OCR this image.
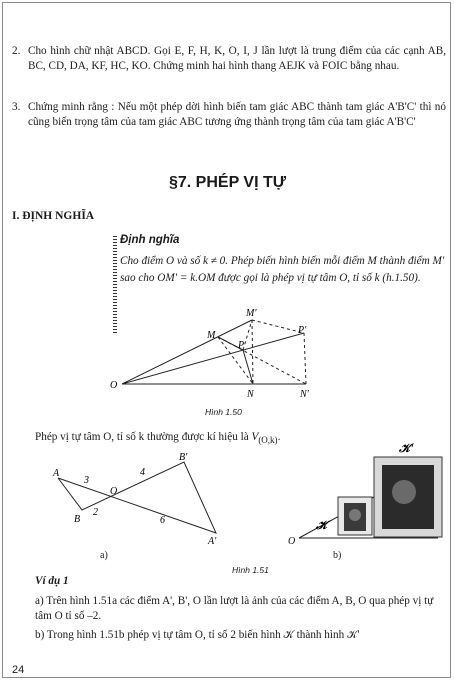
2. Cho hình chữ nhật ABCD. Gọi E, F, H, K, O, I, J lần lượt là trung điểm của các cạnh AB, BC, CD, DA, KF, HC, KO. Chứng minh hai hình thang AEJK và FOIC bằng nhau.
3. Chứng minh rằng : Nếu một phép dời hình biến tam giác ABC thành tam giác A'B'C' thì nó cũng biến trọng tâm của tam giác ABC tương ứng thành trọng tâm của tam giác A'B'C'
§7. PHÉP VỊ TỰ
I. ĐỊNH NGHĨA
Định nghĩa
Cho điểm O và số k ≠ 0. Phép biến hình biến mỗi điểm M thành điểm M' sao cho OM' = k.OM được gọi là phép vị tự tâm O, tỉ số k (h.1.50).
O
M
M'
P
P'
N	N'
Hình 1.50
Phép vị tự tâm O, tỉ số k thường được kí hiệu là $V_{(O,k)}$.
A
B
O
B'
A'
3
2
4
6
O
𝒦
𝒦'
a)	b)
Hình 1.51
Ví dụ 1
a) Trên hình 1.51a các điểm A', B', O lần lượt là ảnh của các điểm A, B, O qua phép vị tự tâm O tỉ số –2.
b) Trong hình 1.51b phép vị tự tâm O, tỉ số 2 biến hình 𝒦 thành hình 𝒦'
24
